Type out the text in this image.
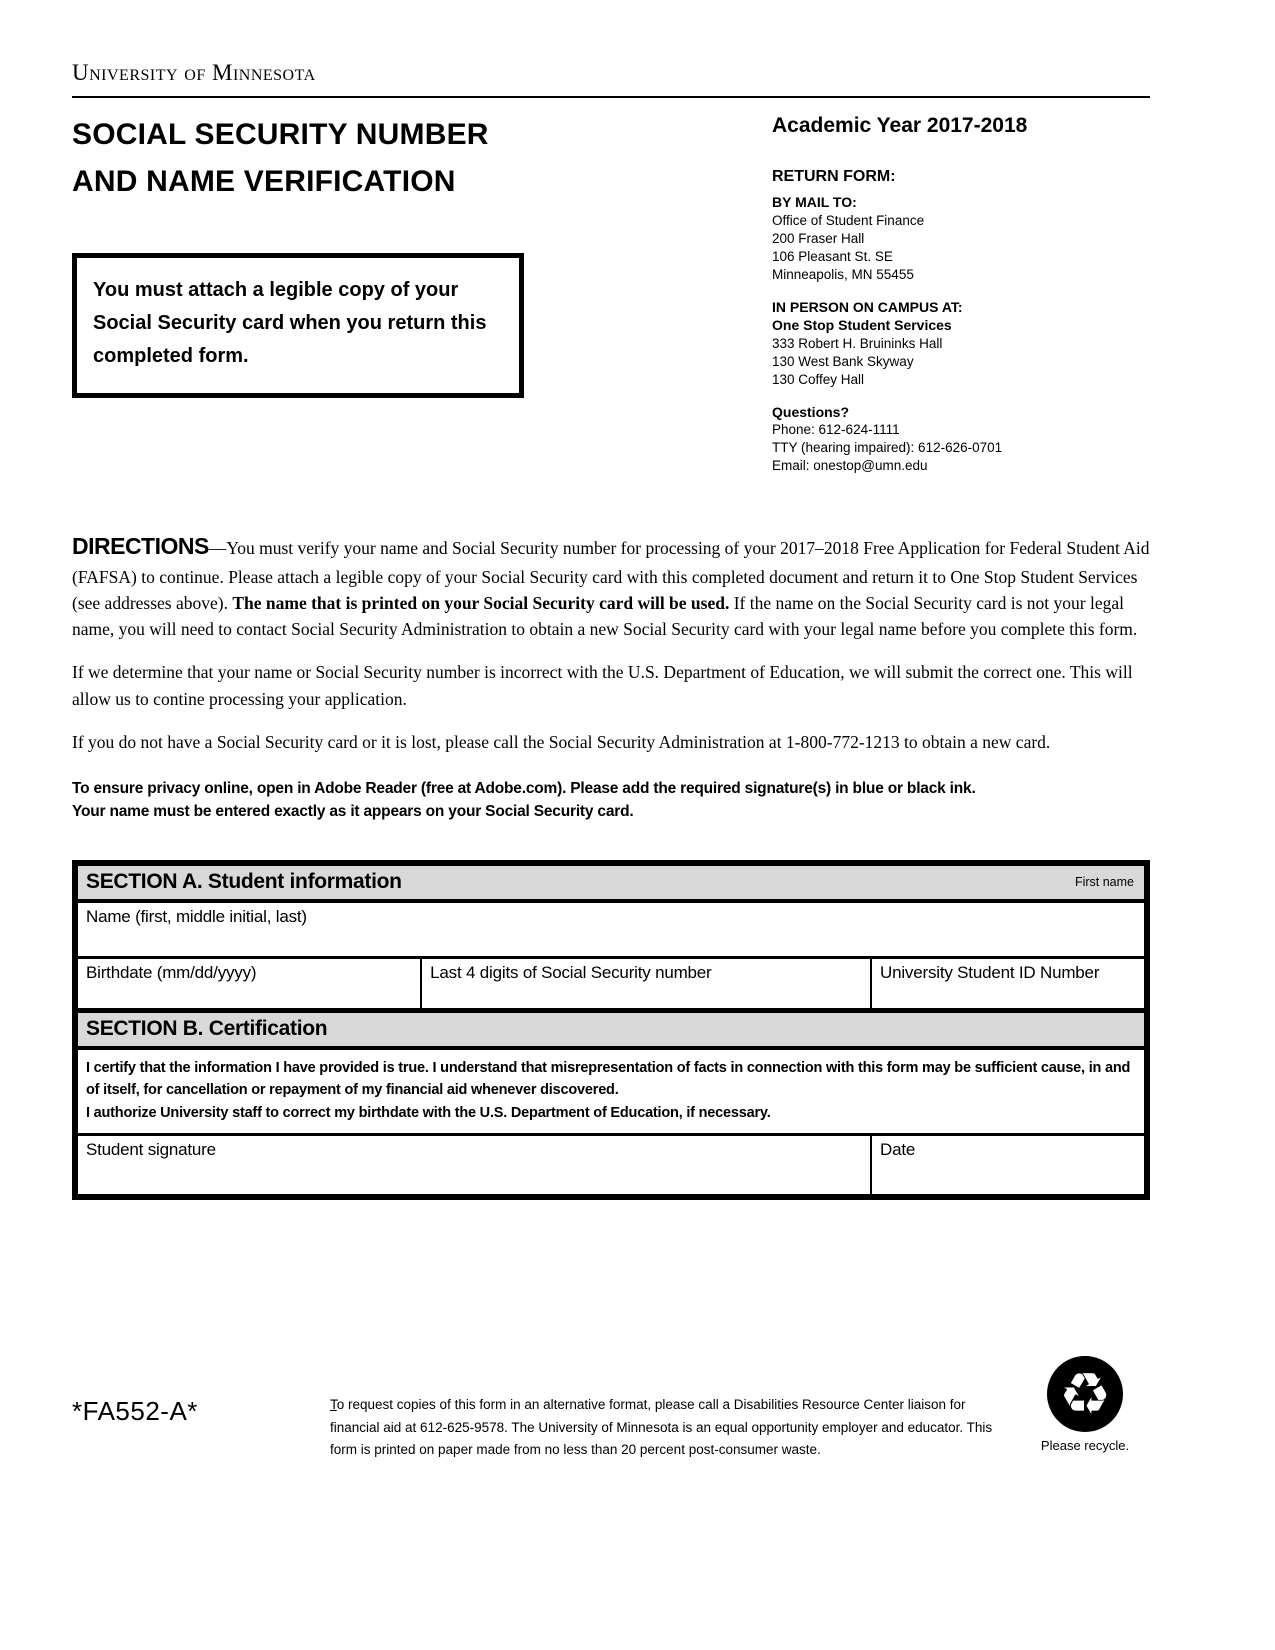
University of Minnesota
SOCIAL SECURITY NUMBER
AND NAME VERIFICATION
You must attach a legible copy of your Social Security card when you return this completed form.
Academic Year 2017-2018
RETURN FORM:
BY MAIL TO:
Office of Student Finance
200 Fraser Hall
106 Pleasant St. SE
Minneapolis, MN 55455
IN PERSON ON CAMPUS AT:
One Stop Student Services
333 Robert H. Bruininks Hall
130 West Bank Skyway
130 Coffey Hall
Questions?
Phone: 612-624-1111
TTY (hearing impaired): 612-626-0701
Email: onestop@umn.edu

DIRECTIONS—You must verify your name and Social Security number for processing of your 2017–2018 Free Application for Federal Student Aid (FAFSA) to continue. Please attach a legible copy of your Social Security card with this completed document and return it to One Stop Student Services (see addresses above). The name that is printed on your Social Security card will be used. If the name on the Social Security card is not your legal name, you will need to contact Social Security Administration to obtain a new Social Security card with your legal name before you complete this form.

If we determine that your name or Social Security number is incorrect with the U.S. Department of Education, we will submit the correct one. This will allow us to contine processing your application.

If you do not have a Social Security card or it is lost, please call the Social Security Administration at 1-800-772-1213 to obtain a new card.

To ensure privacy online, open in Adobe Reader (free at Adobe.com). Please add the required signature(s) in blue or black ink.
Your name must be entered exactly as it appears on your Social Security card.
SECTION A. Student information	First name
Name (first, middle initial, last)
Birthdate (mm/dd/yyyy)	Last 4 digits of Social Security number	University Student ID Number
SECTION B. Certification
I certify that the information I have provided is true. I understand that misrepresentation of facts in connection with this form may be sufficient cause, in and of itself, for cancellation or repayment of my financial aid whenever discovered.
I authorize University staff to correct my birthdate with the U.S. Department of Education, if necessary.
Student signature	Date
*FA552-A*	To request copies of this form in an alternative format, please call a Disabilities Resource Center liaison for financial aid at 612-625-9578. The University of Minnesota is an equal opportunity employer and educator. This form is printed on paper made from no less than 20 percent post-consumer waste.
♻
Please recycle.
